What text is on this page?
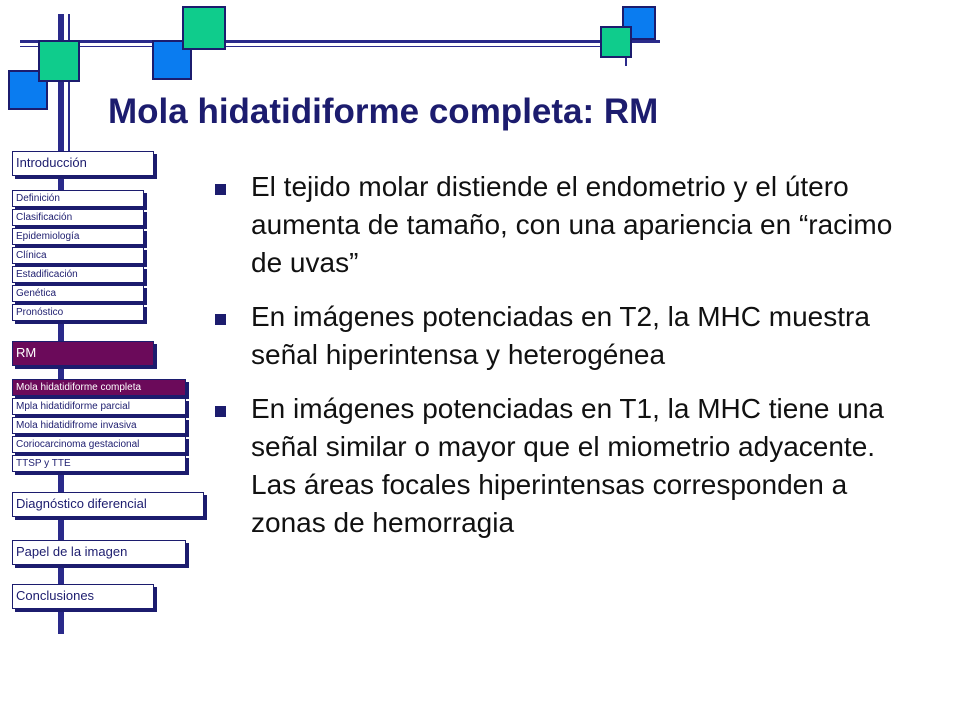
Mola hidatidiforme completa: RM
Introducción
Definición
Clasificación
Epidemiología
Clínica
Estadificación
Genética
Pronóstico
RM
Mola hidatidiforme completa
Mpla hidatidiforme parcial
Mola hidatidifrome invasiva
Coriocarcinoma gestacional
TTSP y TTE
Diagnóstico diferencial
Papel de la imagen
Conclusiones
El tejido molar distiende el endometrio y el útero aumenta de tamaño, con una apariencia en “racimo de uvas”
En imágenes potenciadas en T2, la MHC muestra señal hiperintensa y heterogénea
En imágenes potenciadas en T1, la MHC tiene una señal similar o mayor que el miometrio adyacente. Las áreas focales hiperintensas corresponden a zonas de hemorragia
